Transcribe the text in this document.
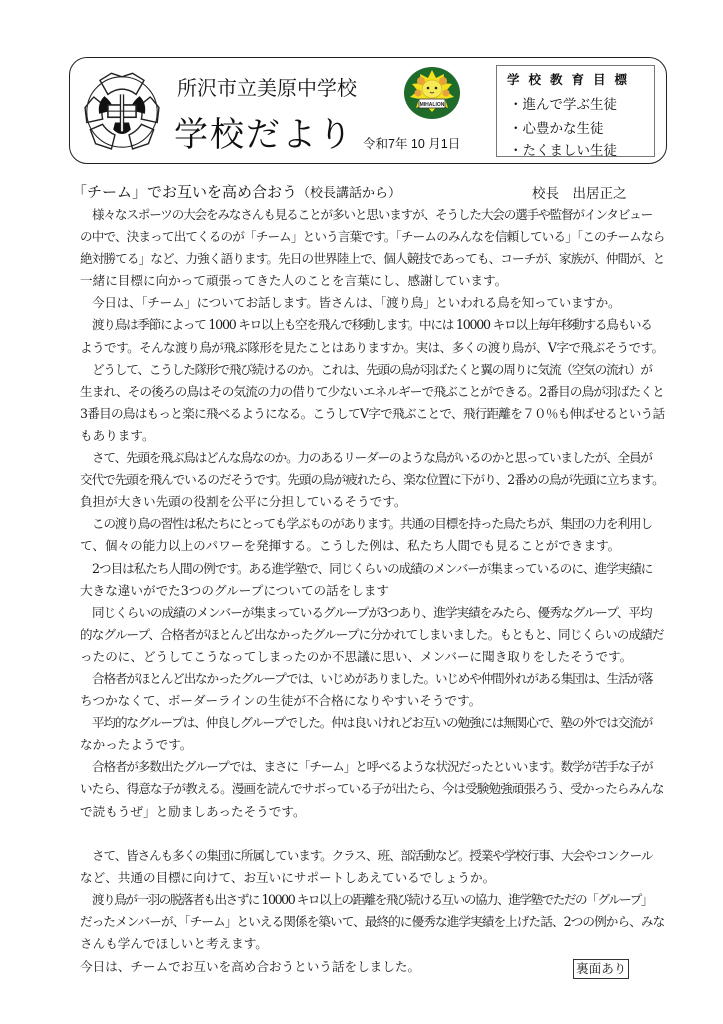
所沢市立美原中学校
学校だより
MIHALION
令和7年 10 月1日
学校教育目標
・進んで学ぶ生徒
・心豊かな生徒
・たくましい生徒
「チーム」でお互いを高め合おう（校長講話から）	校長　出居正之
様々なスポーツの大会をみなさんも見ることが多いと思いますが、そうした大会の選手や監督がインタビュー
の中で、決まって出てくるのが「チーム」という言葉です。「チームのみんなを信頼している」「このチームなら
絶対勝てる」など、力強く語ります。先日の世界陸上で、個人競技であっても、コーチが、家族が、仲間が、と
一緒に目標に向かって頑張ってきた人のことを言葉にし、感謝しています。
今日は、「チーム」についてお話します。皆さんは、「渡り鳥」といわれる鳥を知っていますか。
渡り鳥は季節によって 1000 キロ以上も空を飛んで移動します。中には 10000 キロ以上毎年移動する鳥もいる
ようです。そんな渡り鳥が飛ぶ隊形を見たことはありますか。実は、多くの渡り鳥が、V字で飛ぶそうです。
どうして、こうした隊形で飛び続けるのか。これは、先頭の鳥が羽ばたくと翼の周りに気流（空気の流れ）が
生まれ、その後ろの鳥はその気流の力の借りて少ないエネルギーで飛ぶことができる。2番目の鳥が羽ばたくと
3番目の鳥はもっと楽に飛べるようになる。こうしてV字で飛ぶことで、飛行距離を７０％も伸ばせるという話
もあります。
さて、先頭を飛ぶ鳥はどんな鳥なのか。力のあるリーダーのような鳥がいるのかと思っていましたが、全員が
交代で先頭を飛んでいるのだそうです。先頭の鳥が疲れたら、楽な位置に下がり、2番めの鳥が先頭に立ちます。
負担が大きい先頭の役割を公平に分担しているそうです。
この渡り鳥の習性は私たちにとっても学ぶものがあります。共通の目標を持った鳥たちが、集団の力を利用し
て、個々の能力以上のパワーを発揮する。こうした例は、私たち人間でも見ることができます。
2つ目は私たち人間の例です。ある進学塾で、同じくらいの成績のメンバーが集まっているのに、進学実績に
大きな違いがでた3つのグループについての話をします
同じくらいの成績のメンバーが集まっているグループが3つあり、進学実績をみたら、優秀なグループ、平均
的なグループ、合格者がほとんど出なかったグループに分かれてしまいました。もともと、同じくらいの成績だ
ったのに、どうしてこうなってしまったのか不思議に思い、メンバーに聞き取りをしたそうです。
合格者がほとんど出なかったグループでは、いじめがありました。いじめや仲間外れがある集団は、生活が落
ちつかなくて、ボーダーラインの生徒が不合格になりやすいそうです。
平均的なグループは、仲良しグループでした。仲は良いけれどお互いの勉強には無関心で、塾の外では交流が
なかったようです。
合格者が多数出たグループでは、まさに「チーム」と呼べるような状況だったといいます。数学が苦手な子が
いたら、得意な子が教える。漫画を読んでサボっている子が出たら、今は受験勉強頑張ろう、受かったらみんな
で読もうぜ」と励ましあったそうです。
さて、皆さんも多くの集団に所属しています。クラス、班、部活動など。授業や学校行事、大会やコンクール
など、共通の目標に向けて、お互いにサポートしあえているでしょうか。
渡り鳥が一羽の脱落者も出さずに 10000 キロ以上の距離を飛び続ける互いの協力、進学塾でただの「グループ」
だったメンバーが、「チーム」といえる関係を築いて、最終的に優秀な進学実績を上げた話、2つの例から、みな
さんも学んでほしいと考えます。
今日は、チームでお互いを高め合おうという話をしました。	裏面あり
